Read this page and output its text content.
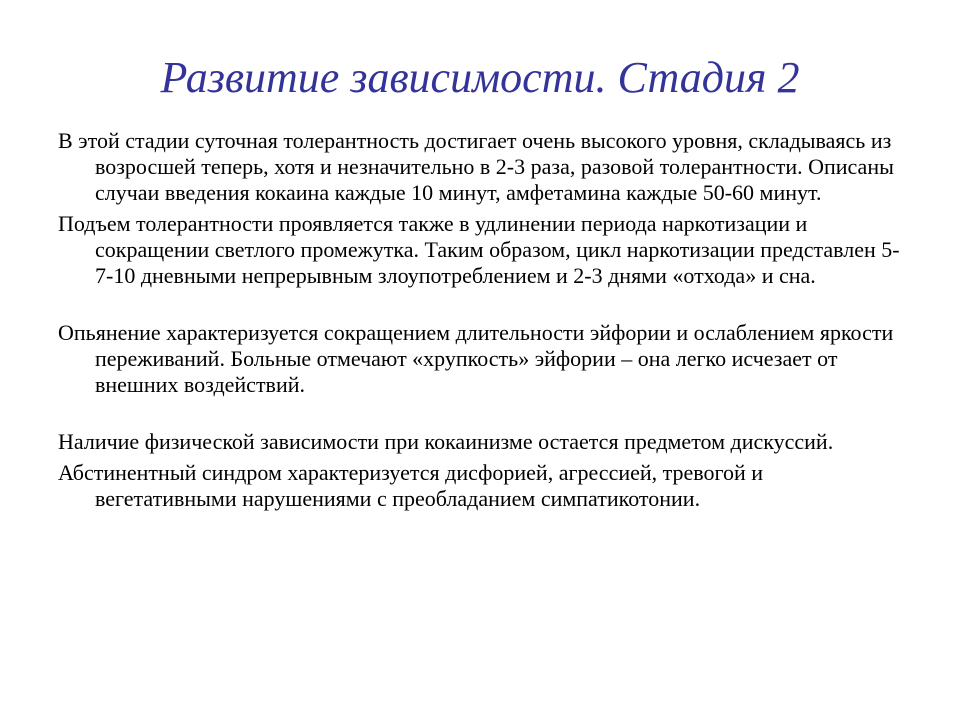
Развитие зависимости. Стадия 2

В этой стадии суточная толерантность достигает очень высокого уровня, складываясь из возросшей теперь, хотя и незначительно в 2-3 раза, разовой толерантности. Описаны случаи введения кокаина каждые 10 минут, амфетамина каждые 50-60 минут.

Подъем толерантности проявляется также в удлинении периода наркотизации и сокращении светлого промежутка. Таким образом, цикл наркотизации представлен 5-7-10 дневными непрерывным злоупотреблением и 2-3 днями «отхода» и сна.

Опьянение характеризуется сокращением длительности эйфории и ослаблением яркости переживаний. Больные отмечают «хрупкость» эйфории – она легко исчезает от внешних воздействий.

Наличие физической зависимости при кокаинизме остается предметом дискуссий.

Абстинентный синдром характеризуется дисфорией, агрессией, тревогой и вегетативными нарушениями с преобладанием симпатикотонии.
